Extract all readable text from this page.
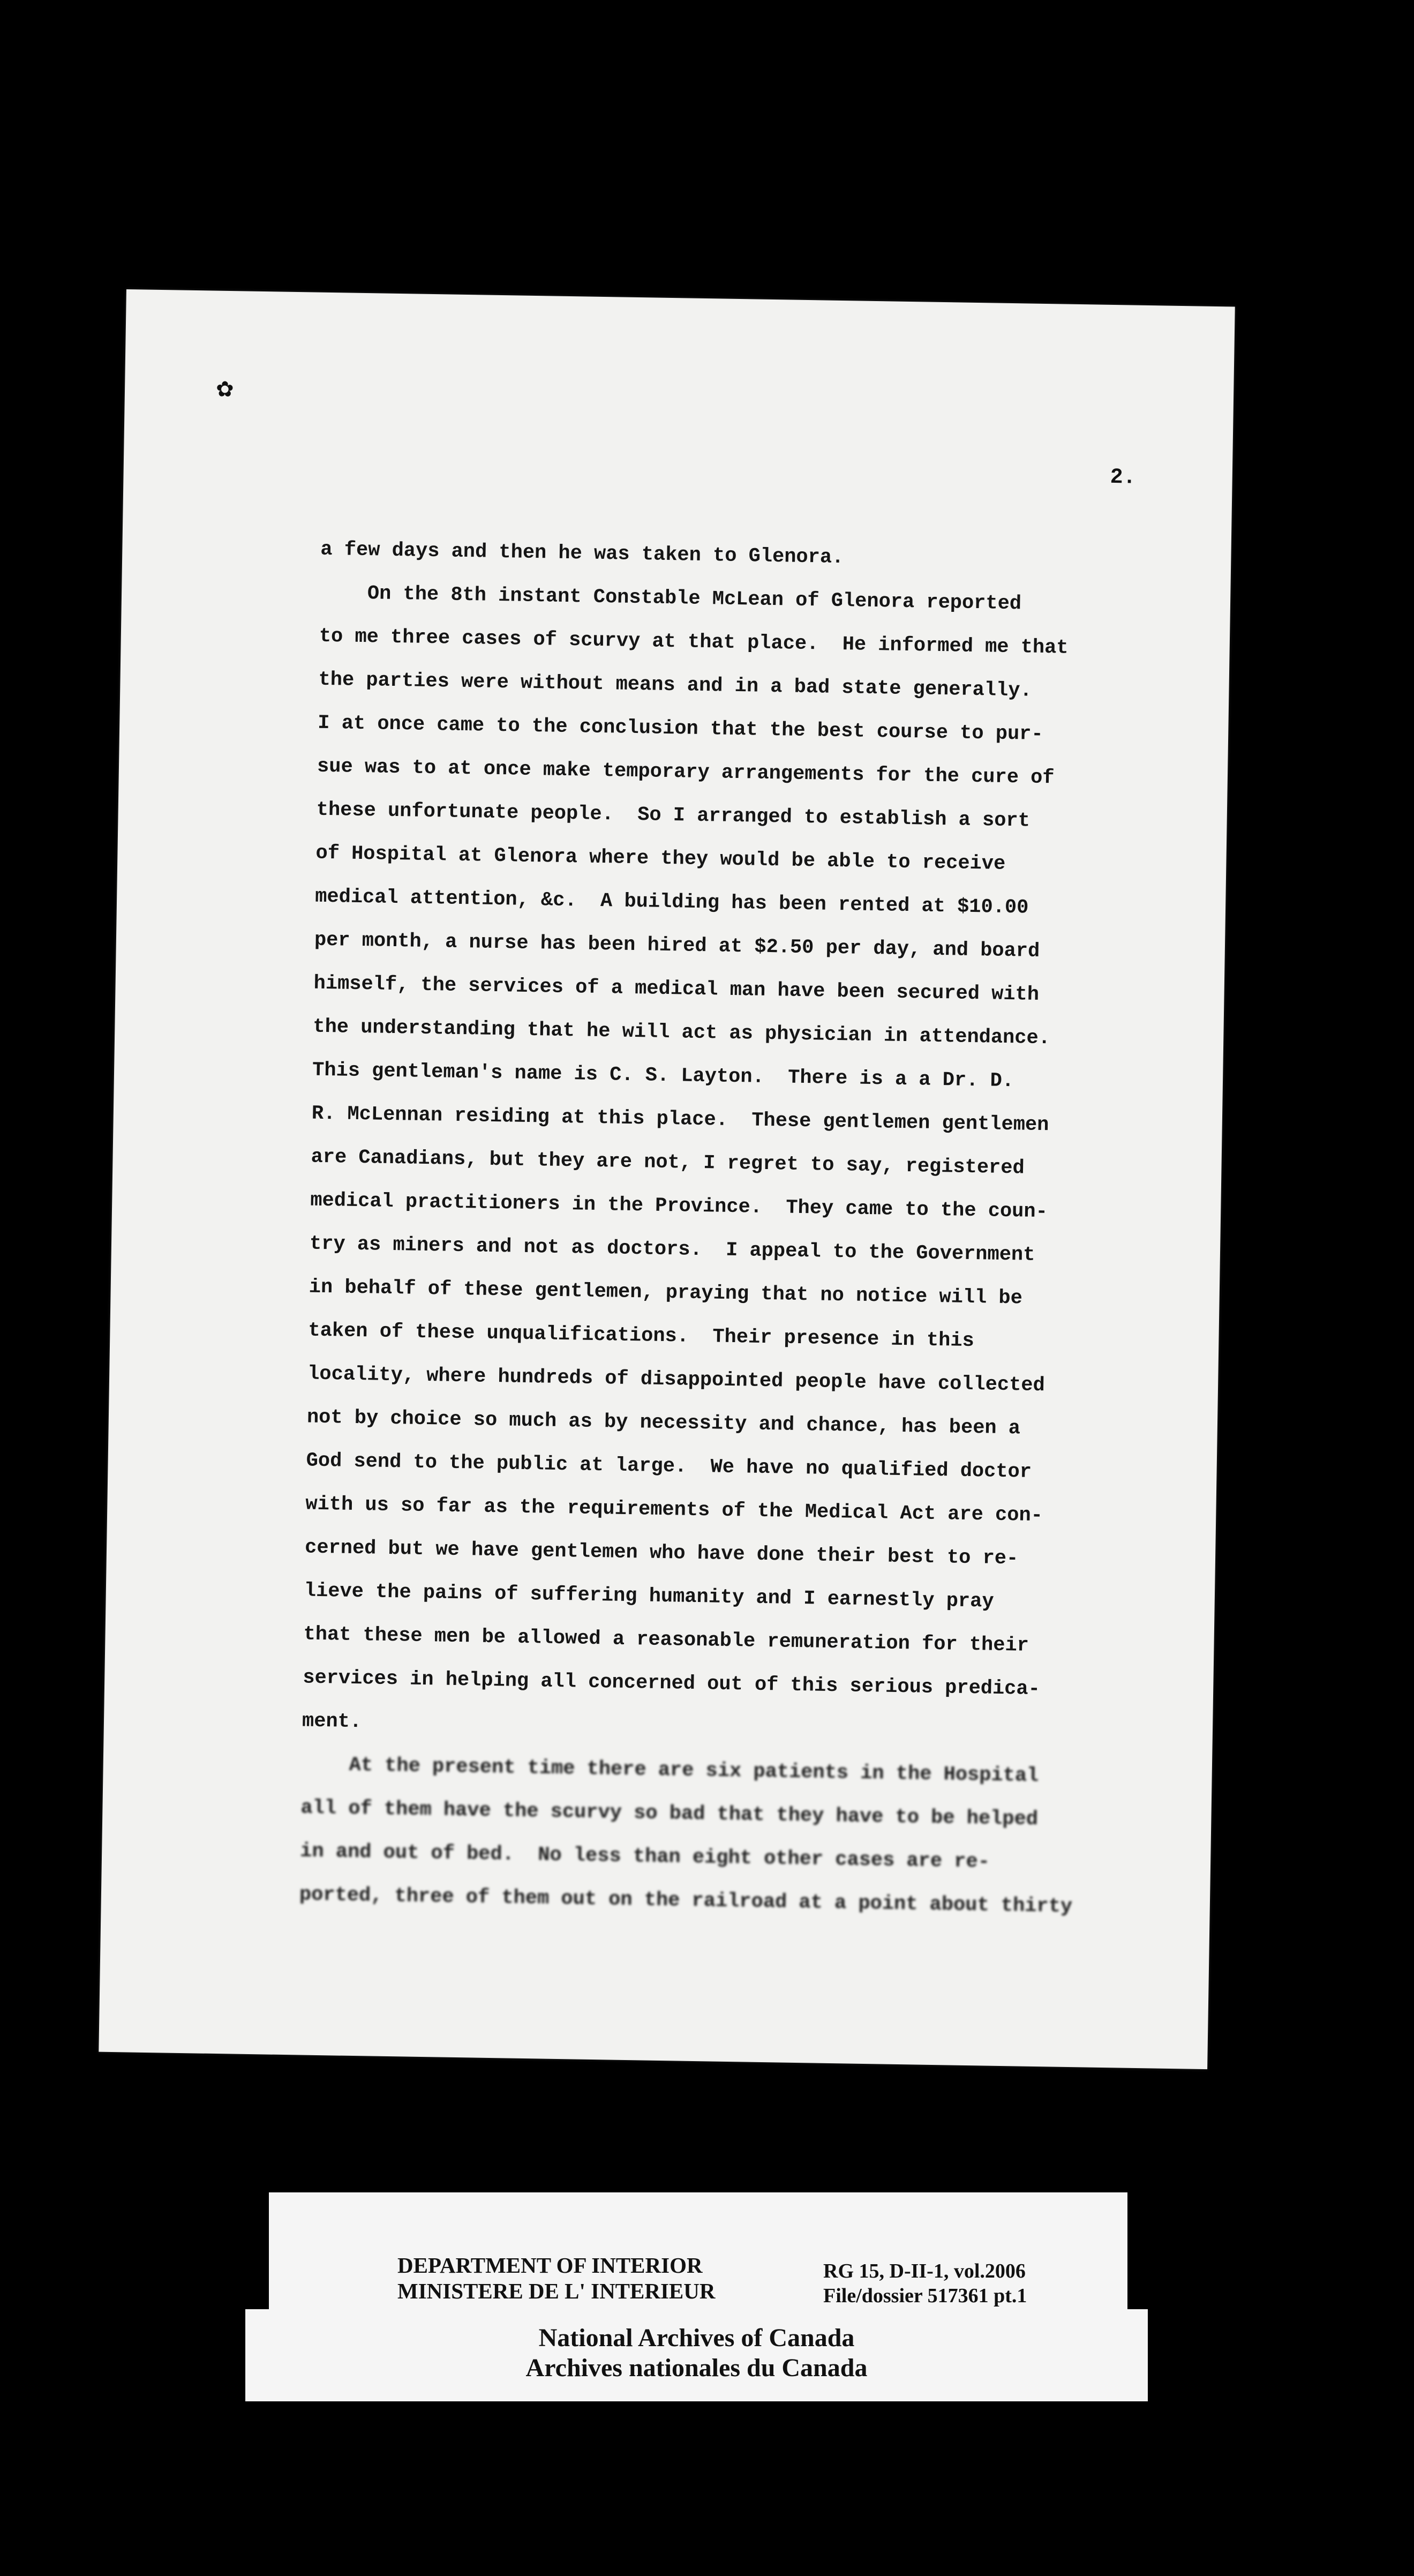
✿
2.
a few days and then he was taken to Glenora.
On the 8th instant Constable McLean of Glenora reported
to me three cases of scurvy at that place.  He informed me that
the parties were without means and in a bad state generally.
I at once came to the conclusion that the best course to pur-
sue was to at once make temporary arrangements for the cure of
these unfortunate people.  So I arranged to establish a sort
of Hospital at Glenora where they would be able to receive
medical attention, &c.  A building has been rented at $10.00
per month, a nurse has been hired at $2.50 per day, and board
himself, the services of a medical man have been secured with
the understanding that he will act as physician in attendance.
This gentleman's name is C. S. Layton.  There is a a Dr. D.
R. McLennan residing at this place.  These gentlemen gentlemen
are Canadians, but they are not, I regret to say, registered
medical practitioners in the Province.  They came to the coun-
try as miners and not as doctors.  I appeal to the Government
in behalf of these gentlemen, praying that no notice will be
taken of these unqualifications.  Their presence in this
locality, where hundreds of disappointed people have collected
not by choice so much as by necessity and chance, has been a
God send to the public at large.  We have no qualified doctor
with us so far as the requirements of the Medical Act are con-
cerned but we have gentlemen who have done their best to re-
lieve the pains of suffering humanity and I earnestly pray
that these men be allowed a reasonable remuneration for their
services in helping all concerned out of this serious predica-
ment.
At the present time there are six patients in the Hospital
all of them have the scurvy so bad that they have to be helped
in and out of bed.  No less than eight other cases are re-
ported, three of them out on the railroad at a point about thirty
DEPARTMENT OF INTERIOR
MINISTERE DE L' INTERIEUR
RG 15, D-II-1, vol.2006
File/dossier 517361 pt.1
National Archives of Canada
Archives nationales du Canada
